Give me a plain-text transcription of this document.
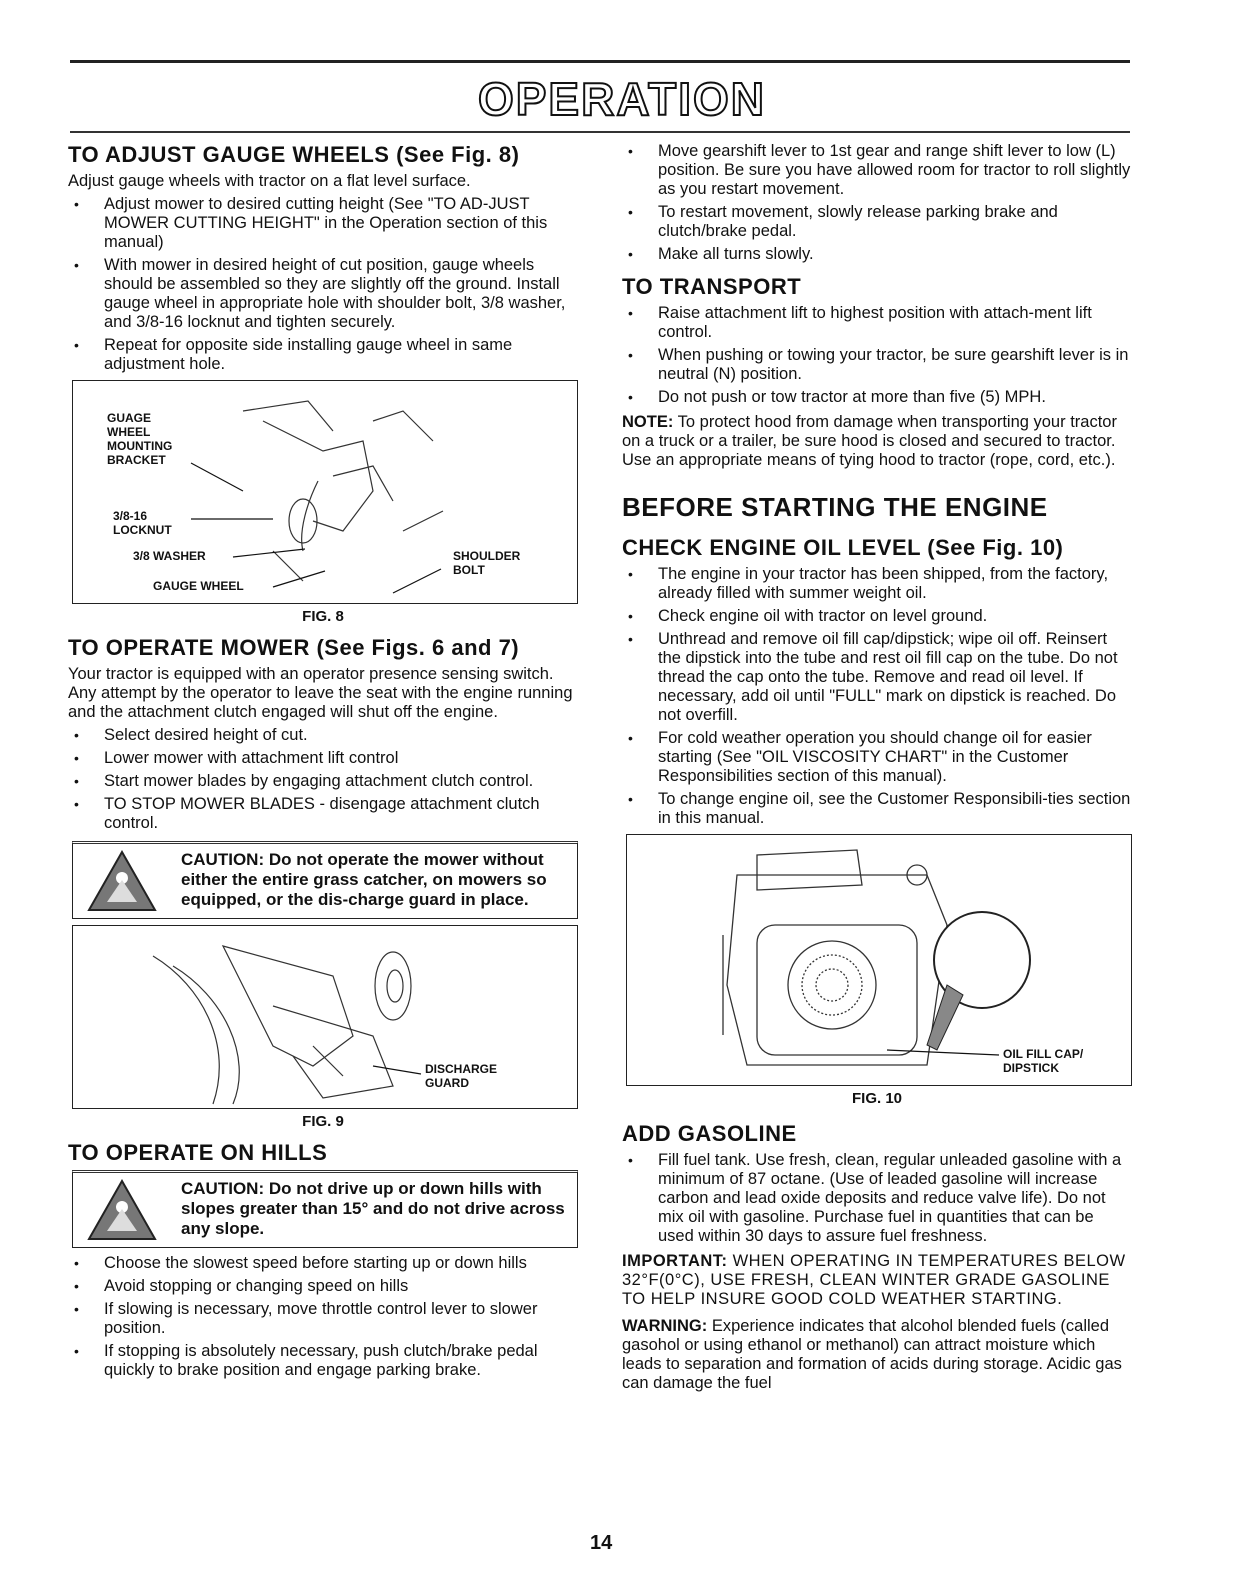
OPERATION
TO ADJUST GAUGE WHEELS (See Fig. 8)

Adjust gauge wheels with tractor on a flat level surface.

• Adjust mower to desired cutting height (See "TO AD-JUST MOWER CUTTING HEIGHT" in the Operation section of this manual)
• With mower in desired height of cut position, gauge wheels should be assembled so they are slightly off the ground. Install gauge wheel in appropriate hole with shoulder bolt, 3/8 washer, and 3/8-16 locknut and tighten securely.
• Repeat for opposite side installing gauge wheel in same adjustment hole.
GUAGE
WHEEL
MOUNTING
BRACKET
3/8-16
LOCKNUT
3/8 WASHER
GAUGE WHEEL
SHOULDER
BOLT
FIG. 8
TO OPERATE MOWER (See Figs. 6 and 7)

Your tractor is equipped with an operator presence sensing switch. Any attempt by the operator to leave the seat with the engine running and the attachment clutch engaged will shut off the engine.

• Select desired height of cut.
• Lower mower with attachment lift control
• Start mower blades by engaging attachment clutch control.
• TO STOP MOWER BLADES - disengage attachment clutch control.
CAUTION: Do not operate the mower without either the entire grass catcher, on mowers so equipped, or the dis-charge guard in place.
DISCHARGE
GUARD
FIG. 9
TO OPERATE ON HILLS
CAUTION: Do not drive up or down hills with slopes greater than 15° and do not drive across any slope.
• Choose the slowest speed before starting up or down hills
• Avoid stopping or changing speed on hills
• If slowing is necessary, move throttle control lever to slower position.
• If stopping is absolutely necessary, push clutch/brake pedal quickly to brake position and engage parking brake.
• Move gearshift lever to 1st gear and range shift lever to low (L) position. Be sure you have allowed room for tractor to roll slightly as you restart movement.
• To restart movement, slowly release parking brake and clutch/brake pedal.
• Make all turns slowly.
TO TRANSPORT
• Raise attachment lift to highest position with attach-ment lift control.
• When pushing or towing your tractor, be sure gearshift lever is in neutral (N) position.
• Do not push or tow tractor at more than five (5) MPH.

NOTE: To protect hood from damage when transporting your tractor on a truck or a trailer, be sure hood is closed and secured to tractor. Use an appropriate means of tying hood to tractor (rope, cord, etc.).

BEFORE STARTING THE ENGINE
CHECK ENGINE OIL LEVEL (See Fig. 10)
• The engine in your tractor has been shipped, from the factory, already filled with summer weight oil.
• Check engine oil with tractor on level ground.
• Unthread and remove oil fill cap/dipstick; wipe oil off. Reinsert the dipstick into the tube and rest oil fill cap on the tube. Do not thread the cap onto the tube. Remove and read oil level. If necessary, add oil until "FULL" mark on dipstick is reached. Do not overfill.
• For cold weather operation you should change oil for easier starting (See "OIL VISCOSITY CHART" in the Customer Responsibilities section of this manual).
• To change engine oil, see the Customer Responsibili-ties section in this manual.
OIL FILL CAP/
DIPSTICK
FIG. 10
ADD GASOLINE
• Fill fuel tank. Use fresh, clean, regular unleaded gasoline with a minimum of 87 octane. (Use of leaded gasoline will increase carbon and lead oxide deposits and reduce valve life). Do not mix oil with gasoline. Purchase fuel in quantities that can be used within 30 days to assure fuel freshness.

IMPORTANT: WHEN OPERATING IN TEMPERATURES BELOW 32°F(0°C), USE FRESH, CLEAN WINTER GRADE GASOLINE TO HELP INSURE GOOD COLD WEATHER STARTING.

WARNING: Experience indicates that alcohol blended fuels (called gasohol or using ethanol or methanol) can attract moisture which leads to separation and formation of acids during storage. Acidic gas can damage the fuel

14
